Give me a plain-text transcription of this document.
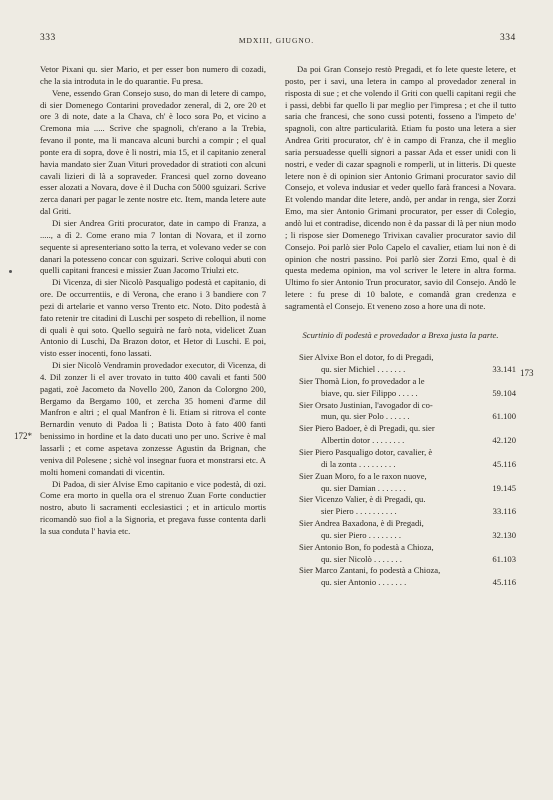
333	MDXIII, GIUGNO.	334
172*
173

Vetor Pixani qu. sier Mario, et per esser bon numero di cozadi, che la sia introduta in le do quarantie. Fu presa.

Vene, essendo Gran Consejo suso, do man di letere di campo, di sier Domenego Contarini provedador zeneral, di 2, ore 20 et ore 3 di note, date a la Chava, ch' è loco sora Po, et vicino a Cremona mia ..... Scrive che spagnoli, ch'erano a la Trebia, fevano il ponte, ma li mancava alcuni burchi a compir ; el qual ponte era di sopra, dove è li nostri, mia 15, et il capitanio zeneral havia mandato sier Zuan Vituri provedador di stratioti con alcuni cavali lizieri di là a sopraveder. Francesi quel zorno doveano esser alozati a Novara, dove è il Ducha con 5000 sguizari. Scrive zerca danari per pagar le zente nostre etc. Item, manda letere aute dal Griti.

Di sier Andrea Griti procurator, date in campo di Franza, a ....., a dì 2. Come erano mia 7 lontan di Novara, et il zorno sequente si apresenteriano sotto la terra, et volevano veder se con danari la potesseno concar con sguizari. Scrive coloqui abuti con quelli capitani francesi e missier Zuan Jacomo Triulzi etc.

Di Vicenza, di sier Nicolò Pasqualigo podestà et capitanio, di ore. De occurrentiis, e di Verona, che erano i 3 bandiere con 7 pezi di artelarie et vanno verso Trento etc. Noto. Dito podestà à fato retenir tre citadini di Luschi per sospeto di rebellion, il nome di quali è qui soto. Quello seguirà ne farò nota, videlicet Zuan Antonio di Luschi, Da Brazon dotor, et Hetor di Luschi. E poi, visto esser inocenti, fono lassati.

Di sier Nicolò Vendramin provedador executor, di Vicenza, di 4. Dil zonzer li el aver trovato in tutto 400 cavali et fanti 500 pagati, zoè Jacometo da Novello 200, Zanon da Colorgno 200, Bergamo da Bergamo 100, et zercha 35 homeni d'arme dil Manfron e altri ; el qual Manfron è li. Etiam si ritrova el conte Bernardin venuto di Padoa li ; Batista Doto à fato 400 fanti benissimo in hordine et la dato ducati uno per uno. Scrive è mal lassarli ; et come aspetava zonzesse Agustin da Brignan, che veniva dil Polesene ; sichè vol insegnar fuora et monstrarsi etc. A molti homeni comandati di vicentin.

Di Padoa, di sier Alvise Emo capitanio e vice podestà, di ozi. Come era morto in quella ora el strenuo Zuan Forte conductier nostro, abuto li sacramenti ecclesiastici ; et in articulo mortis ricomandò suo fiol a la Signoria, et pregava fusse contenta darli la sua conduta l' havia etc.

Da poi Gran Consejo restò Pregadi, et fo lete queste letere, et posto, per i savi, una letera in campo al provedador zeneral in risposta di sue ; et che volendo il Griti con quelli capitani regii che i passi, debbi far quello li par meglio per l'impresa ; et che il tutto saria che francesi, che sono cussi potenti, fosseno a l'impeto de' spagnoli, con altre particularità. Etiam fu posto una letera a sier Andrea Griti procurator, ch' è in campo di Franza, che il meglio saria persuadesse quelli signori a passar Ada et esser unidi con li nostri, e veder di cazar spagnoli e romperli, ut in litteris. Di queste letere non è di opinion sier Antonio Grimani procurator savio dil Consejo, et voleva indusiar et veder quello farà francesi a Novara. Et volendo mandar dite letere, andò, per andar in renga, sier Zorzi Emo, ma sier Antonio Grimani procurator, per esser di Colegio, andò lui et contradise, dicendo non è da passar di là per niun modo ; li rispose sier Domenego Trivixan cavalier procurator savio dil Consejo. Poi parlò sier Polo Capelo el cavalier, etiam lui non è di opinion che nostri passino. Poi parlò sier Zorzi Emo, qual è di questa medema opinion, ma vol scriver le letere in altra forma. Ultimo fo sier Antonio Trun procurator, savio dil Consejo. Andò le letere : fu prese di 10 balote, e comandà gran credenza e sagramentà el Consejo. Et veneno zoso a hore una di note.

Scurtinio di podestà e provedador a Brexa justa la parte.
Sier Alvixe Bon el dotor, fo di Pregadi,
qu. sier Michiel . . . . . . .	33.141
Sier Thomà Lion, fo provedador a le
biave, qu. sier Filippo . . . . .	59.104
Sier Orsato Justinian, l'avogador di co-
mun, qu. sier Polo . . . . . .	61.100
Sier Piero Badoer, è di Pregadi, qu. sier
Albertin dotor . . . . . . . .	42.120
Sier Piero Pasqualigo dotor, cavalier, è
di la zonta . . . . . . . . .	45.116
Sier Zuan Moro, fo a le raxon nuove,
qu. sier Damian . . . . . . .	19.145
Sier Vicenzo Valier, è di Pregadi, qu.
sier Piero . . . . . . . . . .	33.116
Sier Andrea Baxadona, è di Pregadi,
qu. sier Piero . . . . . . . .	32.130
Sier Antonio Bon, fo podestà a Chioza,
qu. sier Nicolò . . . . . . .	61.103
Sier Marco Zantani, fo podestà a Chioza,
qu. sier Antonio . . . . . . .	45.116
